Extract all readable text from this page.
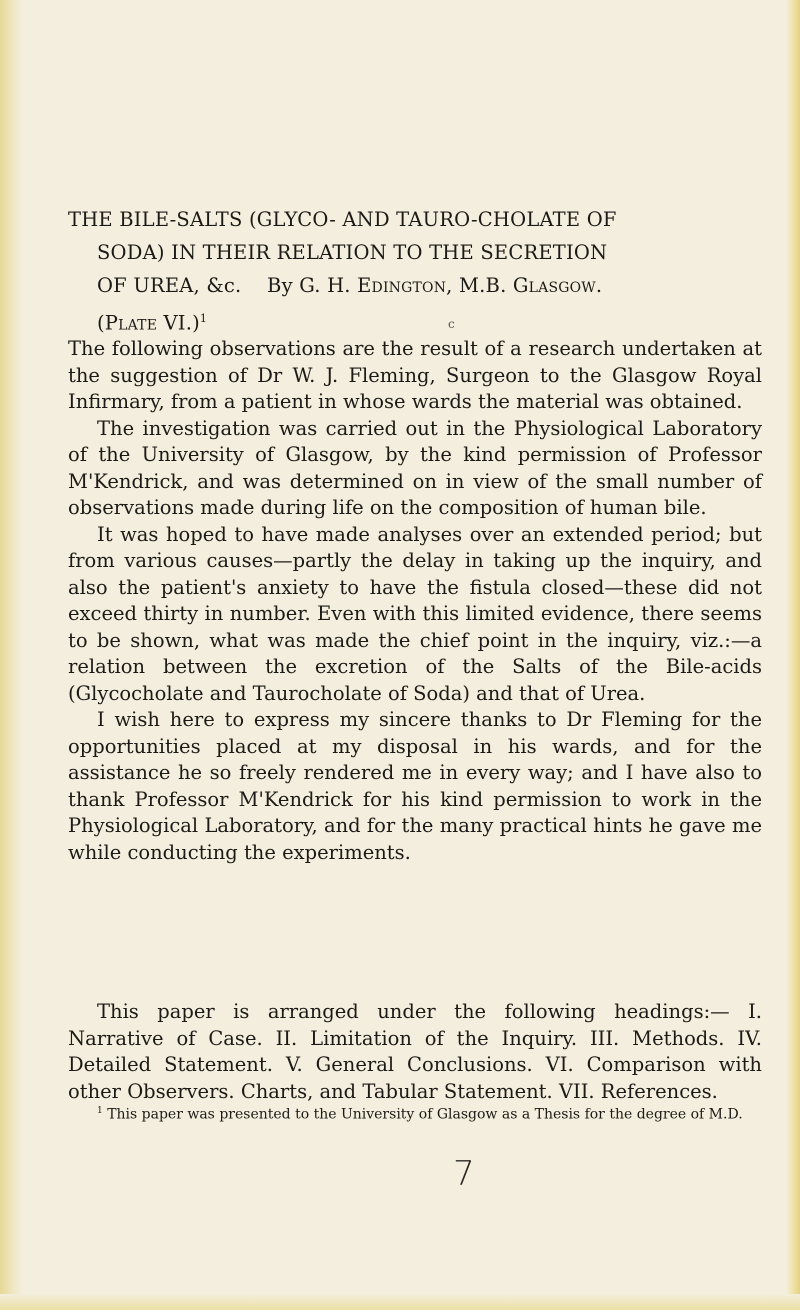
THE BILE-SALTS (GLYCO- AND TAURO-CHOLATE OF
SODA) IN THEIR RELATION TO THE SECRETION
OF UREA, &c. By G. H. Edington, M.B. Glasgow.
(Plate VI.)$^1$	c

The following observations are the result of a research undertaken at the suggestion of Dr W. J. Fleming, Surgeon to the Glasgow Royal Infirmary, from a patient in whose wards the material was obtained.

The investigation was carried out in the Physiological Laboratory of the University of Glasgow, by the kind permission of Professor M'Kendrick, and was determined on in view of the small number of observations made during life on the composition of human bile.

It was hoped to have made analyses over an extended period; but from various causes—partly the delay in taking up the inquiry, and also the patient's anxiety to have the fistula closed—these did not exceed thirty in number. Even with this limited evidence, there seems to be shown, what was made the chief point in the inquiry, viz.:—a relation between the excretion of the Salts of the Bile-acids (Glycocholate and Taurocholate of Soda) and that of Urea.

I wish here to express my sincere thanks to Dr Fleming for the opportunities placed at my disposal in his wards, and for the assistance he so freely rendered me in every way; and I have also to thank Professor M'Kendrick for his kind permission to work in the Physiological Laboratory, and for the many practical hints he gave me while conducting the experiments.

This paper is arranged under the following headings:— I. Narrative of Case. II. Limitation of the Inquiry. III. Methods. IV. Detailed Statement. V. General Conclusions. VI. Comparison with other Observers. Charts, and Tabular Statement. VII. References.

$^1$ This paper was presented to the University of Glasgow as a Thesis for the degree of M.D.

7
